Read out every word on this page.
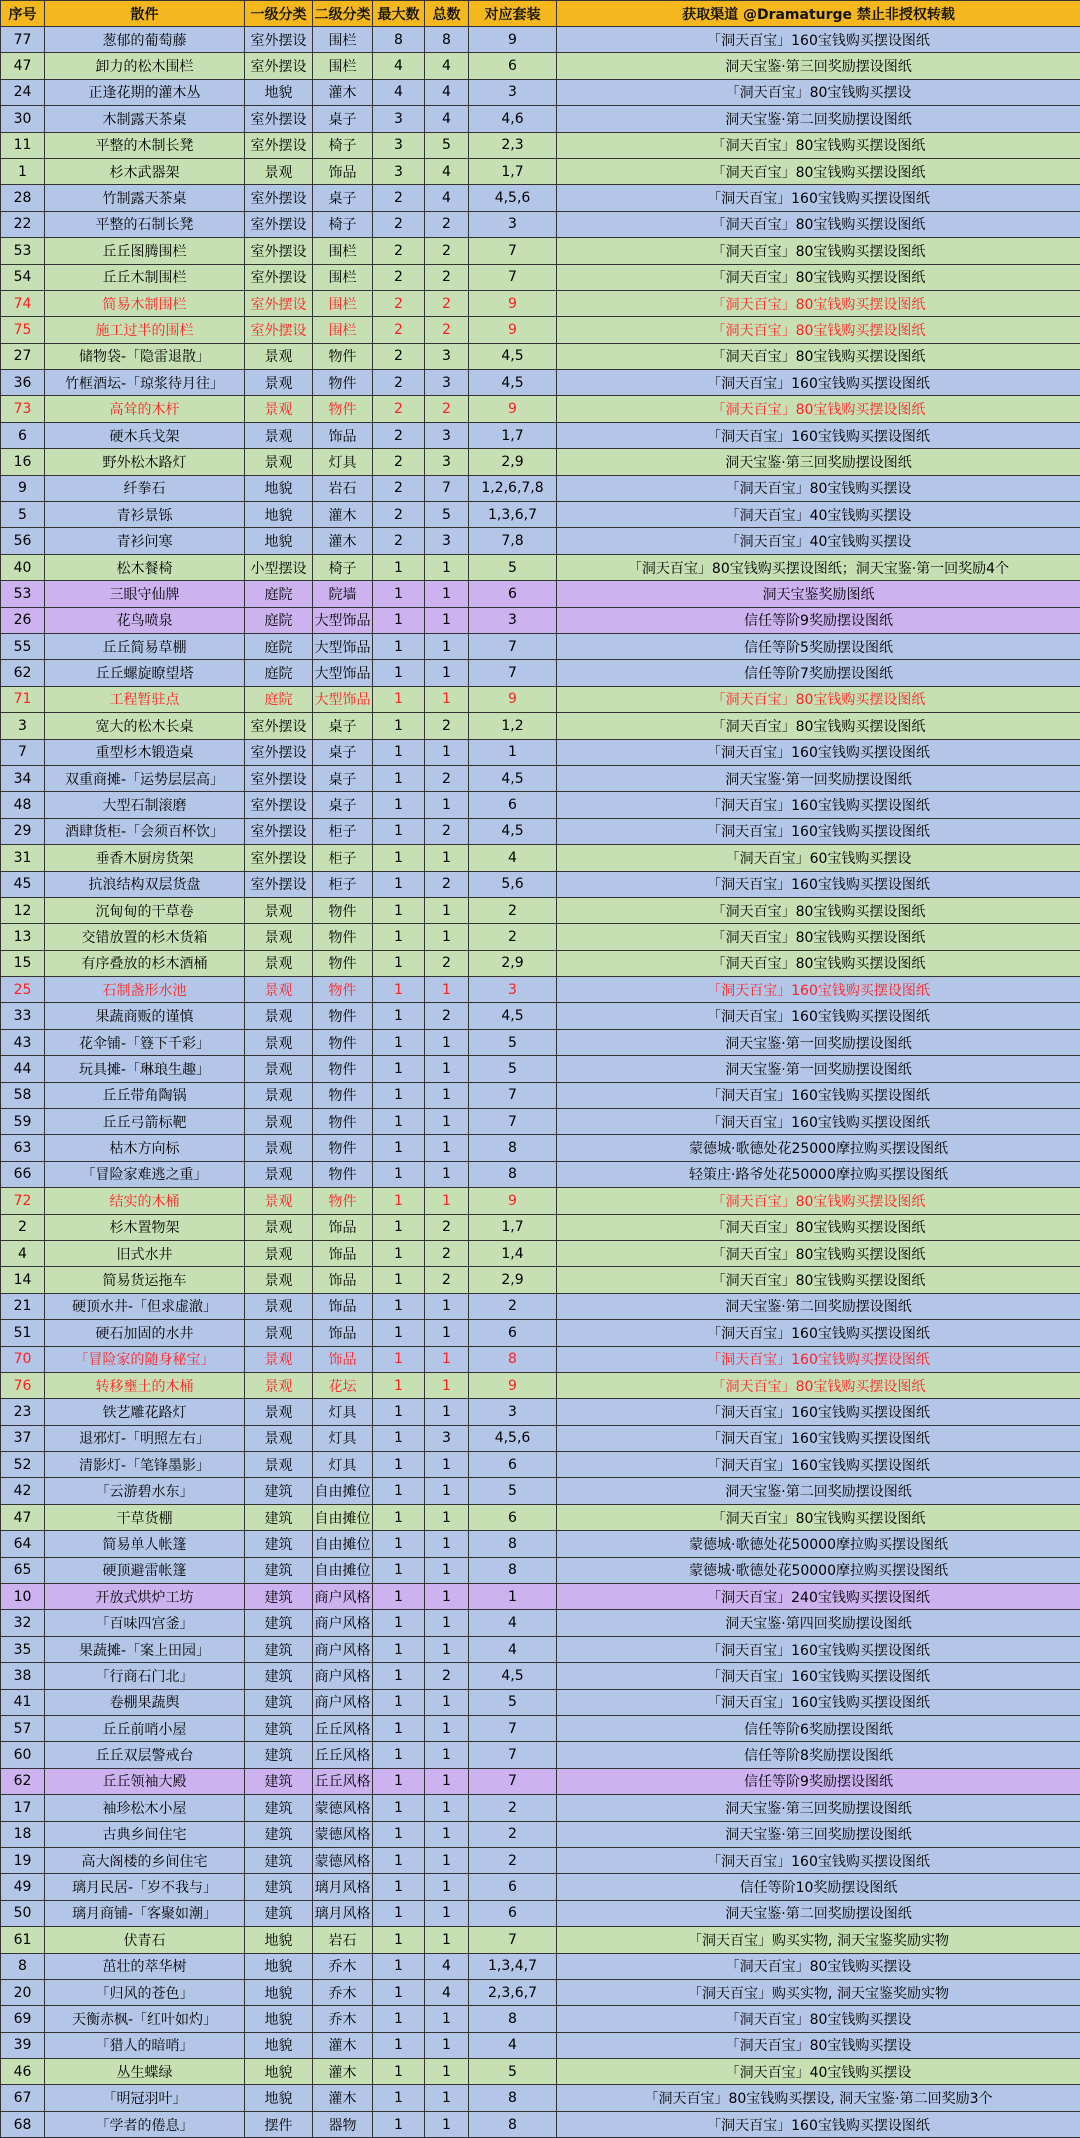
序号	散件	一级分类	二级分类	最大数	总数	对应套装	获取渠道 @Dramaturge 禁止非授权转载
77	葱郁的葡萄藤	室外摆设	围栏	8	8	9	「洞天百宝」160宝钱购买摆设图纸
47	卸力的松木围栏	室外摆设	围栏	4	4	6	洞天宝鉴·第三回奖励摆设图纸
24	正逢花期的灌木丛	地貌	灌木	4	4	3	「洞天百宝」80宝钱购买摆设
30	木制露天茶桌	室外摆设	桌子	3	4	4,6	洞天宝鉴·第二回奖励摆设图纸
11	平整的木制长凳	室外摆设	椅子	3	5	2,3	「洞天百宝」80宝钱购买摆设图纸
1	杉木武器架	景观	饰品	3	4	1,7	「洞天百宝」80宝钱购买摆设图纸
28	竹制露天茶桌	室外摆设	桌子	2	4	4,5,6	「洞天百宝」160宝钱购买摆设图纸
22	平整的石制长凳	室外摆设	椅子	2	2	3	「洞天百宝」80宝钱购买摆设图纸
53	丘丘图腾围栏	室外摆设	围栏	2	2	7	「洞天百宝」80宝钱购买摆设图纸
54	丘丘木制围栏	室外摆设	围栏	2	2	7	「洞天百宝」80宝钱购买摆设图纸
74	简易木制围栏	室外摆设	围栏	2	2	9	「洞天百宝」80宝钱购买摆设图纸
75	施工过半的围栏	室外摆设	围栏	2	2	9	「洞天百宝」80宝钱购买摆设图纸
27	储物袋-「隐雷退散」	景观	物件	2	3	4,5	「洞天百宝」80宝钱购买摆设图纸
36	竹框酒坛-「琼浆待月往」	景观	物件	2	3	4,5	「洞天百宝」160宝钱购买摆设图纸
73	高耸的木杆	景观	物件	2	2	9	「洞天百宝」80宝钱购买摆设图纸
6	硬木兵戈架	景观	饰品	2	3	1,7	「洞天百宝」160宝钱购买摆设图纸
16	野外松木路灯	景观	灯具	2	3	2,9	洞天宝鉴·第三回奖励摆设图纸
9	纤拳石	地貌	岩石	2	7	1,2,6,7,8	「洞天百宝」80宝钱购买摆设
5	青衫景铄	地貌	灌木	2	5	1,3,6,7	「洞天百宝」40宝钱购买摆设
56	青衫问寒	地貌	灌木	2	3	7,8	「洞天百宝」40宝钱购买摆设
40	松木餐椅	小型摆设	椅子	1	1	5	「洞天百宝」80宝钱购买摆设图纸；洞天宝鉴·第一回奖励4个
53	三眼守仙牌	庭院	院墙	1	1	6	洞天宝鉴奖励图纸
26	花鸟喷泉	庭院	大型饰品	1	1	3	信任等阶9奖励摆设图纸
55	丘丘简易草棚	庭院	大型饰品	1	1	7	信任等阶5奖励摆设图纸
62	丘丘螺旋瞭望塔	庭院	大型饰品	1	1	7	信任等阶7奖励摆设图纸
71	工程暂驻点	庭院	大型饰品	1	1	9	「洞天百宝」80宝钱购买摆设图纸
3	宽大的松木长桌	室外摆设	桌子	1	2	1,2	「洞天百宝」80宝钱购买摆设图纸
7	重型杉木锻造桌	室外摆设	桌子	1	1	1	「洞天百宝」160宝钱购买摆设图纸
34	双重商摊-「运势层层高」	室外摆设	桌子	1	2	4,5	洞天宝鉴·第一回奖励摆设图纸
48	大型石制滚磨	室外摆设	桌子	1	1	6	「洞天百宝」160宝钱购买摆设图纸
29	酒肆货柜-「会须百杯饮」	室外摆设	柜子	1	2	4,5	「洞天百宝」160宝钱购买摆设图纸
31	垂香木厨房货架	室外摆设	柜子	1	1	4	「洞天百宝」60宝钱购买摆设
45	抗浪结构双层货盘	室外摆设	柜子	1	2	5,6	「洞天百宝」160宝钱购买摆设图纸
12	沉甸甸的干草卷	景观	物件	1	1	2	「洞天百宝」80宝钱购买摆设图纸
13	交错放置的杉木货箱	景观	物件	1	1	2	「洞天百宝」80宝钱购买摆设图纸
15	有序叠放的杉木酒桶	景观	物件	1	2	2,9	「洞天百宝」80宝钱购买摆设图纸
25	石制盏形水池	景观	物件	1	1	3	「洞天百宝」160宝钱购买摆设图纸
33	果蔬商贩的谨慎	景观	物件	1	2	4,5	「洞天百宝」160宝钱购买摆设图纸
43	花伞铺-「簦下千彩」	景观	物件	1	1	5	洞天宝鉴·第一回奖励摆设图纸
44	玩具摊-「琳琅生趣」	景观	物件	1	1	5	洞天宝鉴·第一回奖励摆设图纸
58	丘丘带角陶锅	景观	物件	1	1	7	「洞天百宝」160宝钱购买摆设图纸
59	丘丘弓箭标靶	景观	物件	1	1	7	「洞天百宝」160宝钱购买摆设图纸
63	枯木方向标	景观	物件	1	1	8	蒙德城·歌德处花25000摩拉购买摆设图纸
66	「冒险家难逃之重」	景观	物件	1	1	8	轻策庄·路爷处花50000摩拉购买摆设图纸
72	结实的木桶	景观	物件	1	1	9	「洞天百宝」80宝钱购买摆设图纸
2	杉木置物架	景观	饰品	1	2	1,7	「洞天百宝」80宝钱购买摆设图纸
4	旧式水井	景观	饰品	1	2	1,4	「洞天百宝」80宝钱购买摆设图纸
14	简易货运拖车	景观	饰品	1	2	2,9	「洞天百宝」80宝钱购买摆设图纸
21	硬顶水井-「但求虚澈」	景观	饰品	1	1	2	洞天宝鉴·第二回奖励摆设图纸
51	硬石加固的水井	景观	饰品	1	1	6	「洞天百宝」160宝钱购买摆设图纸
70	「冒险家的随身秘宝」	景观	饰品	1	1	8	「洞天百宝」160宝钱购买摆设图纸
76	转移壅土的木桶	景观	花坛	1	1	9	「洞天百宝」80宝钱购买摆设图纸
23	铁艺雕花路灯	景观	灯具	1	1	3	「洞天百宝」160宝钱购买摆设图纸
37	退邪灯-「明照左右」	景观	灯具	1	3	4,5,6	「洞天百宝」160宝钱购买摆设图纸
52	清影灯-「笔锋墨影」	景观	灯具	1	1	6	「洞天百宝」160宝钱购买摆设图纸
42	「云游碧水东」	建筑	自由摊位	1	1	5	洞天宝鉴·第二回奖励摆设图纸
47	干草货棚	建筑	自由摊位	1	1	6	「洞天百宝」80宝钱购买摆设图纸
64	简易单人帐篷	建筑	自由摊位	1	1	8	蒙德城·歌德处花50000摩拉购买摆设图纸
65	硬顶避雷帐篷	建筑	自由摊位	1	1	8	蒙德城·歌德处花50000摩拉购买摆设图纸
10	开放式烘炉工坊	建筑	商户风格	1	1	1	「洞天百宝」240宝钱购买摆设图纸
32	「百味四宫釜」	建筑	商户风格	1	1	4	洞天宝鉴·第四回奖励摆设图纸
35	果蔬摊-「案上田园」	建筑	商户风格	1	1	4	「洞天百宝」160宝钱购买摆设图纸
38	「行商石门北」	建筑	商户风格	1	2	4,5	「洞天百宝」160宝钱购买摆设图纸
41	卷棚果蔬舆	建筑	商户风格	1	1	5	「洞天百宝」160宝钱购买摆设图纸
57	丘丘前哨小屋	建筑	丘丘风格	1	1	7	信任等阶6奖励摆设图纸
60	丘丘双层警戒台	建筑	丘丘风格	1	1	7	信任等阶8奖励摆设图纸
62	丘丘领袖大殿	建筑	丘丘风格	1	1	7	信任等阶9奖励摆设图纸
17	袖珍松木小屋	建筑	蒙德风格	1	1	2	洞天宝鉴·第三回奖励摆设图纸
18	古典乡间住宅	建筑	蒙德风格	1	1	2	洞天宝鉴·第三回奖励摆设图纸
19	高大阁楼的乡间住宅	建筑	蒙德风格	1	1	2	「洞天百宝」160宝钱购买摆设图纸
49	璃月民居-「岁不我与」	建筑	璃月风格	1	1	6	信任等阶10奖励摆设图纸
50	璃月商铺-「客聚如潮」	建筑	璃月风格	1	1	6	洞天宝鉴·第二回奖励摆设图纸
61	伏青石	地貌	岩石	1	1	7	「洞天百宝」购买实物, 洞天宝鉴奖励实物
8	茁壮的萃华树	地貌	乔木	1	4	1,3,4,7	「洞天百宝」80宝钱购买摆设
20	「归风的苍色」	地貌	乔木	1	4	2,3,6,7	「洞天百宝」购买实物, 洞天宝鉴奖励实物
69	天衡赤枫-「红叶如灼」	地貌	乔木	1	1	8	「洞天百宝」80宝钱购买摆设
39	「猎人的暗哨」	地貌	灌木	1	1	4	「洞天百宝」80宝钱购买摆设
46	丛生蝶绿	地貌	灌木	1	1	5	「洞天百宝」40宝钱购买摆设
67	「明冠羽叶」	地貌	灌木	1	1	8	「洞天百宝」80宝钱购买摆设, 洞天宝鉴·第二回奖励3个
68	「学者的倦息」	摆件	器物	1	1	8	「洞天百宝」160宝钱购买摆设图纸
